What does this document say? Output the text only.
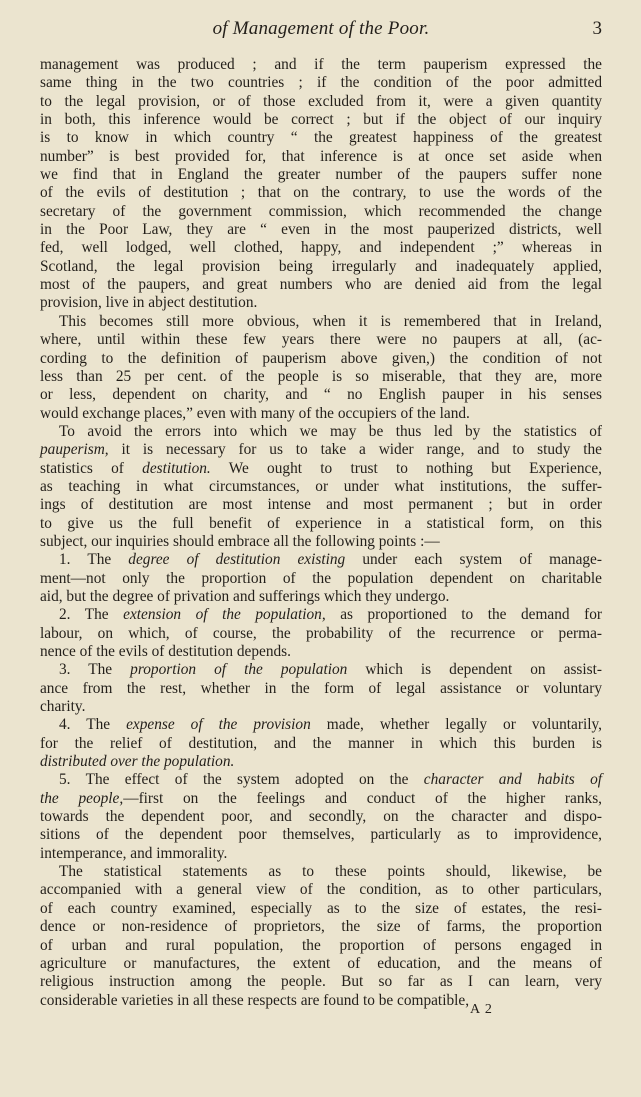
of Management of the Poor.	3
management was produced ; and if the term pauperism expressed the
same thing in the two countries ; if the condition of the poor admitted
to the legal provision, or of those excluded from it, were a given quantity
in both, this inference would be correct ; but if the object of our inquiry
is to know in which country “ the greatest happiness of the greatest
number” is best provided for, that inference is at once set aside when
we find that in England the greater number of the paupers suffer none
of the evils of destitution ; that on the contrary, to use the words of the
secretary of the government commission, which recommended the change
in the Poor Law, they are “ even in the most pauperized districts, well
fed, well lodged, well clothed, happy, and independent ;” whereas in
Scotland, the legal provision being irregularly and inadequately applied,
most of the paupers, and great numbers who are denied aid from the legal
provision, live in abject destitution.
This becomes still more obvious, when it is remembered that in Ireland,
where, until within these few years there were no paupers at all, (ac-
cording to the definition of pauperism above given,) the condition of not
less than 25 per cent. of the people is so miserable, that they are, more
or less, dependent on charity, and “ no English pauper in his senses
would exchange places,” even with many of the occupiers of the land.
To avoid the errors into which we may be thus led by the statistics of
pauperism, it is necessary for us to take a wider range, and to study the
statistics of destitution. We ought to trust to nothing but Experience,
as teaching in what circumstances, or under what institutions, the suffer-
ings of destitution are most intense and most permanent ; but in order
to give us the full benefit of experience in a statistical form, on this
subject, our inquiries should embrace all the following points :—
1. The degree of destitution existing under each system of manage-
ment—not only the proportion of the population dependent on charitable
aid, but the degree of privation and sufferings which they undergo.
2. The extension of the population, as proportioned to the demand for
labour, on which, of course, the probability of the recurrence or perma-
nence of the evils of destitution depends.
3. The proportion of the population which is dependent on assist-
ance from the rest, whether in the form of legal assistance or voluntary
charity.
4. The expense of the provision made, whether legally or voluntarily,
for the relief of destitution, and the manner in which this burden is
distributed over the population.
5. The effect of the system adopted on the character and habits of
the people,—first on the feelings and conduct of the higher ranks,
towards the dependent poor, and secondly, on the character and dispo-
sitions of the dependent poor themselves, particularly as to improvidence,
intemperance, and immorality.
The statistical statements as to these points should, likewise, be
accompanied with a general view of the condition, as to other particulars,
of each country examined, especially as to the size of estates, the resi-
dence or non-residence of proprietors, the size of farms, the proportion
of urban and rural population, the proportion of persons engaged in
agriculture or manufactures, the extent of education, and the means of
religious instruction among the people. But so far as I can learn, very
considerable varieties in all these respects are found to be compatible,
A 2
